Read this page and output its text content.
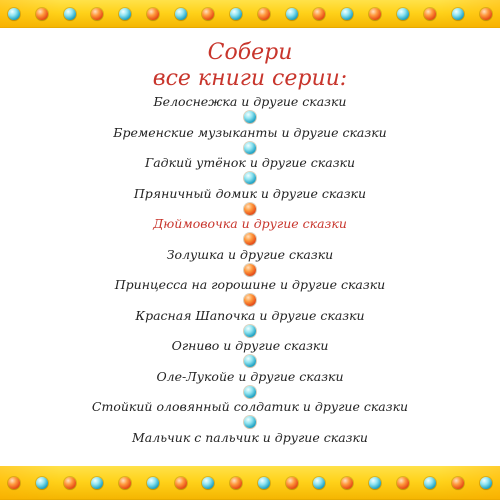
Собери
все книги серии:
Белоснежка и другие сказки
Бременские музыканты и другие сказки
Гадкий утёнок и другие сказки
Пряничный домик и другие сказки
Дюймовочка и другие сказки
Золушка и другие сказки
Принцесса на горошине и другие сказки
Красная Шапочка и другие сказки
Огниво и другие сказки
Оле-Лукойе и другие сказки
Стойкий оловянный солдатик и другие сказки
Мальчик с пальчик и другие сказки
